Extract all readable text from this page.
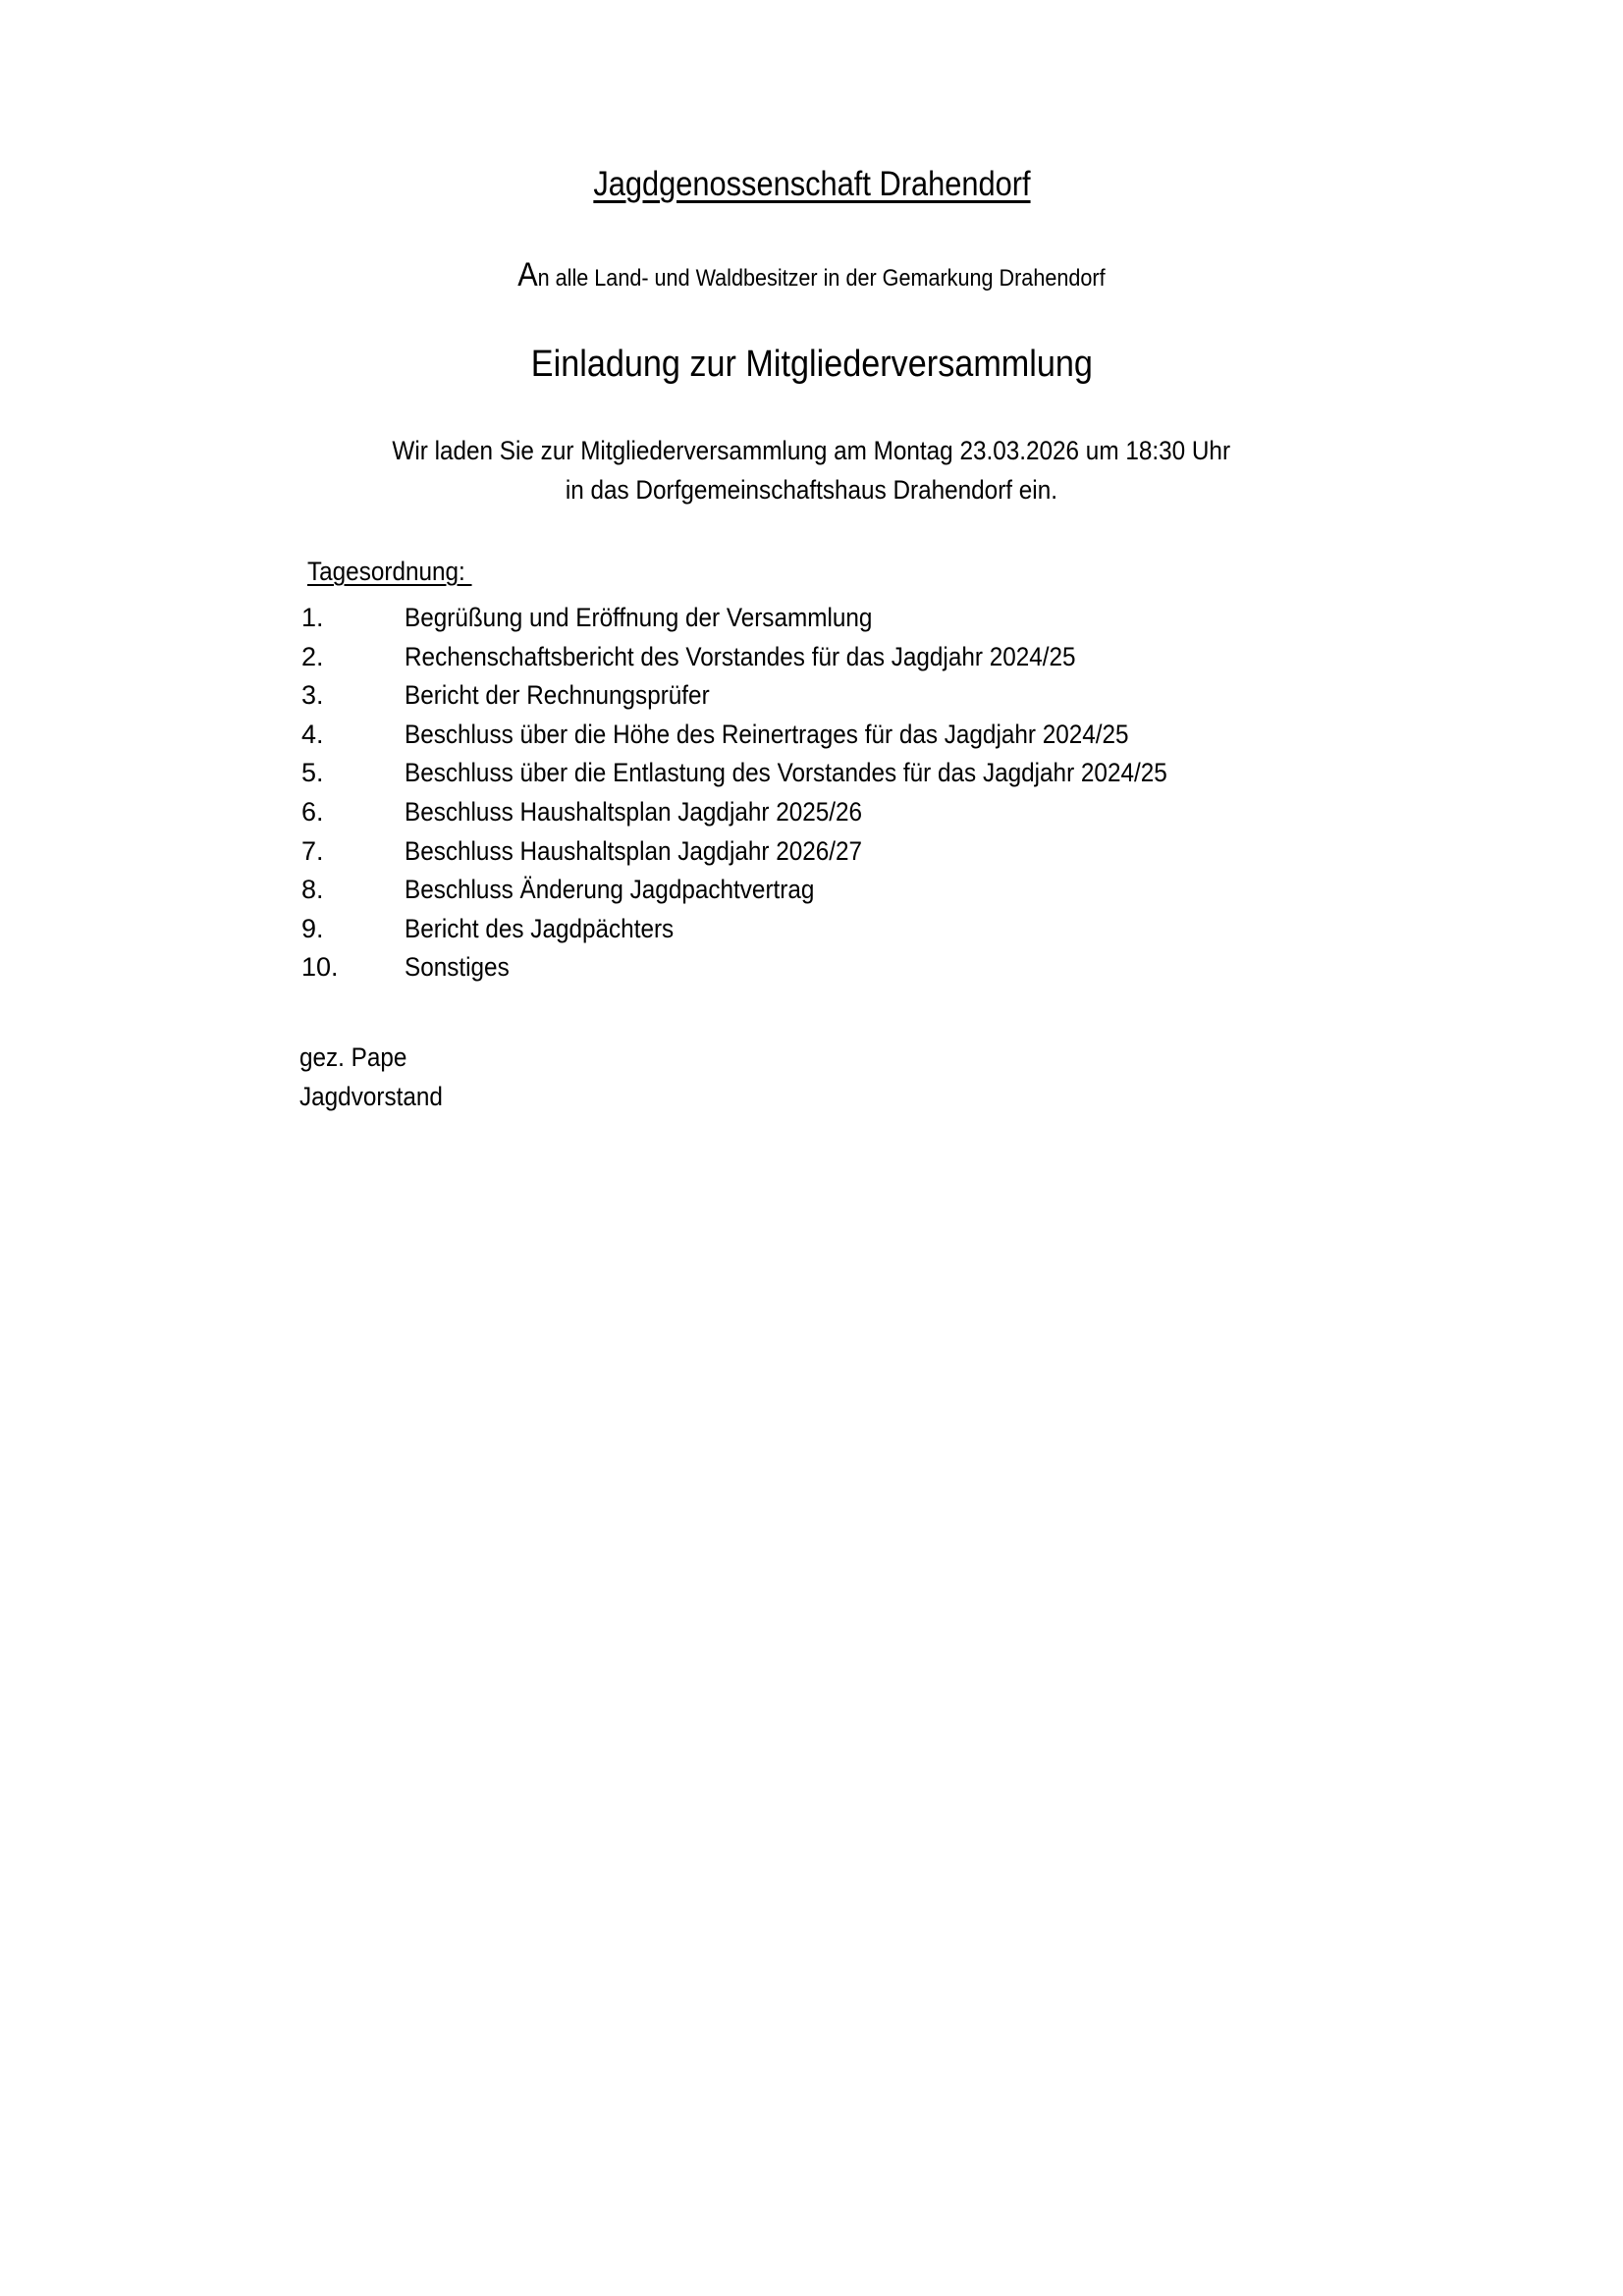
Jagdgenossenschaft Drahendorf
An alle Land- und Waldbesitzer in der Gemarkung Drahendorf
Einladung zur Mitgliederversammlung
Wir laden Sie zur Mitgliederversammlung am Montag 23.03.2026 um 18:30 Uhr
in das Dorfgemeinschaftshaus Drahendorf ein.
Tagesordnung:
1.	Begrüßung und Eröffnung der Versammlung
2.	Rechenschaftsbericht des Vorstandes für das Jagdjahr 2024/25
3.	Bericht der Rechnungsprüfer
4.	Beschluss über die Höhe des Reinertrages für das Jagdjahr 2024/25
5.	Beschluss über die Entlastung des Vorstandes für das Jagdjahr 2024/25
6.	Beschluss Haushaltsplan Jagdjahr 2025/26
7.	Beschluss Haushaltsplan Jagdjahr 2026/27
8.	Beschluss Änderung Jagdpachtvertrag
9.	Bericht des Jagdpächters
10. Sonstiges
gez. Pape
Jagdvorstand
